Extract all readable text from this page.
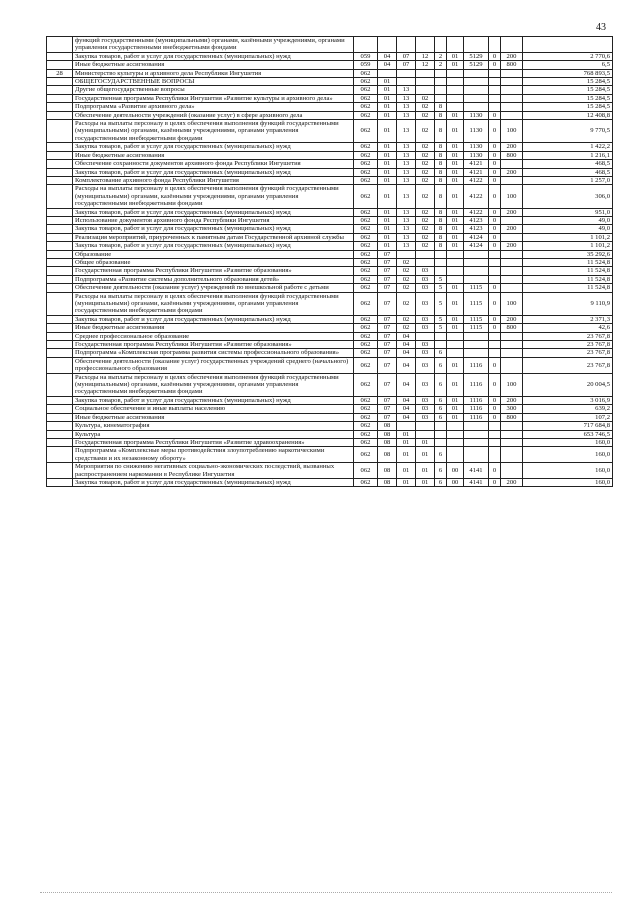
43
	функций государственными (муниципальными) органами, казёнными учреждениями, органами управления государственными внебюджетными фондами										
	Закупка товаров, работ и услуг для государственных (муниципальных) нужд	059	04	07	12	2	01	5129	0	200	2 770,6
	Иные бюджетные ассигнования	059	04	07	12	2	01	5129	0	800	6,5
28	Министерство культуры и архивного дела Республики Ингушетия	062									768 893,5
	ОБЩЕГОСУДАРСТВЕННЫЕ ВОПРОСЫ	062	01								15 284,5
	Другие общегосударственные вопросы	062	01	13							15 284,5
	Государственная программа Республики Ингушетия «Развитие культуры и архивного дела»	062	01	13	02						15 284,5
	Подпрограмма «Развитие архивного дела»	062	01	13	02	8					15 284,5
	Обеспечение деятельности учреждений (оказание услуг) в сфере архивного дела	062	01	13	02	8	01	1130	0		12 408,8
	Расходы на выплаты персоналу в целях обеспечения выполнения функций государственными (муниципальными) органами, казёнными учреждениями, органами управления государственными внебюджетными фондами	062	01	13	02	8	01	1130	0	100	9 770,5
	Закупка товаров, работ и услуг для государственных (муниципальных) нужд	062	01	13	02	8	01	1130	0	200	1 422,2
	Иные бюджетные ассигнования	062	01	13	02	8	01	1130	0	800	1 216,1
	Обеспечение сохранности документов архивного фонда Республики Ингушетия	062	01	13	02	8	01	4121	0		468,5
	Закупка товаров, работ и услуг для государственных (муниципальных) нужд	062	01	13	02	8	01	4121	0	200	468,5
	Комплектование архивного фонда Республики Ингушетия	062	01	13	02	8	01	4122	0		1 257,0
	Расходы на выплаты персоналу в целях обеспечения выполнения функций государственными (муниципальными) органами, казёнными учреждениями, органами управления государственными внебюджетными фондами	062	01	13	02	8	01	4122	0	100	306,0
	Закупка товаров, работ и услуг для государственных (муниципальных) нужд	062	01	13	02	8	01	4122	0	200	951,0
	Использование документов архивного фонда Республики Ингушетия	062	01	13	02	8	01	4123	0		49,0
	Закупка товаров, работ и услуг для государственных (муниципальных) нужд	062	01	13	02	8	01	4123	0	200	49,0
	Реализация мероприятий, приуроченных к памятным датам Государственной архивной службы	062	01	13	02	8	01	4124	0		1 101,2
	Закупка товаров, работ и услуг для государственных (муниципальных) нужд	062	01	13	02	8	01	4124	0	200	1 101,2
	Образование	062	07								35 292,6
	Общее образование	062	07	02							11 524,8
	Государственная программа Республики Ингушетия «Развитие образования»	062	07	02	03						11 524,8
	Подпрограмма «Развитие системы дополнительного образования детей»	062	07	02	03	5					11 524,8
	Обеспечение деятельности (оказание услуг) учреждений по внешкольной работе с детьми	062	07	02	03	5	01	1115	0		11 524,8
	Расходы на выплаты персоналу в целях обеспечения выполнения функций государственными (муниципальными) органами, казёнными учреждениями, органами управления государственными внебюджетными фондами	062	07	02	03	5	01	1115	0	100	9 110,9
	Закупка товаров, работ и услуг для государственных (муниципальных) нужд	062	07	02	03	5	01	1115	0	200	2 371,3
	Иные бюджетные ассигнования	062	07	02	03	5	01	1115	0	800	42,6
	Среднее профессиональное образование	062	07	04							23 767,8
	Государственная программа Республики Ингушетия «Развитие образования»	062	07	04	03						23 767,8
	Подпрограмма «Комплексная программа развития системы профессионального образования»	062	07	04	03	6					23 767,8
	Обеспечение деятельности (оказание услуг) государственных учреждений среднего (начального) профессионального образования	062	07	04	03	6	01	1116	0		23 767,8
	Расходы на выплаты персоналу в целях обеспечения выполнения функций государственными (муниципальными) органами, казёнными учреждениями, органами управления государственными внебюджетными фондами	062	07	04	03	6	01	1116	0	100	20 004,5
	Закупка товаров, работ и услуг для государственных (муниципальных) нужд	062	07	04	03	6	01	1116	0	200	3 016,9
	Социальное обеспечение и иные выплаты населению	062	07	04	03	6	01	1116	0	300	639,2
	Иные бюджетные ассигнования	062	07	04	03	6	01	1116	0	800	107,2
	Культура, кинематография	062	08								717 684,8
	Культура	062	08	01							653 746,5
	Государственная программа Республики Ингушетия «Развитие здравоохранения»	062	08	01	01						160,0
	Подпрограмма «Комплексные меры противодействия злоупотреблению наркотическими средствами и их незаконному обороту»	062	08	01	01	6					160,0
	Мероприятия по снижению негативных социально-экономических последствий, вызванных распространением наркомании в Республике Ингушетия	062	08	01	01	6	00	4141	0		160,0
	Закупка товаров, работ и услуг для государственных (муниципальных) нужд	062	08	01	01	6	00	4141	0	200	160,0
